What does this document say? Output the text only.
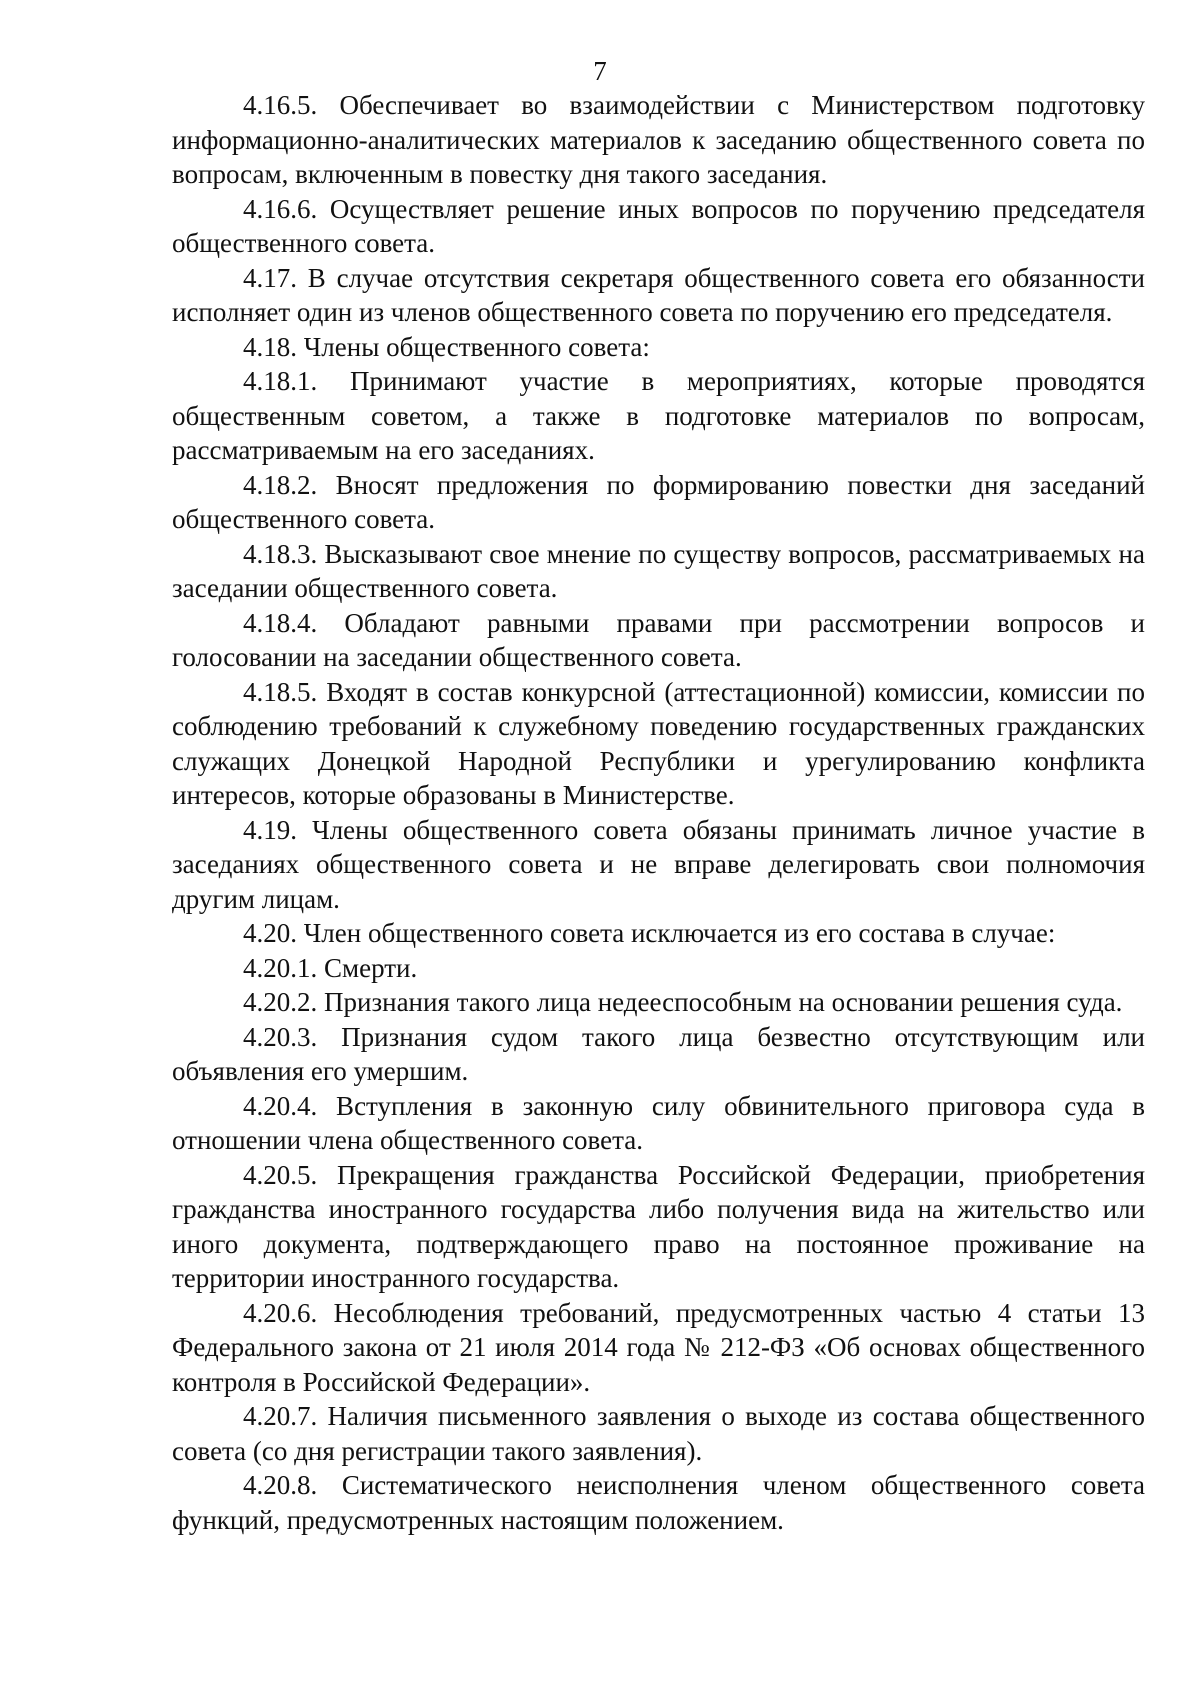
7

4.16.5. Обеспечивает во взаимодействии с Министерством подготовку информационно-аналитических материалов к заседанию общественного совета по вопросам, включенным в повестку дня такого заседания.

4.16.6. Осуществляет решение иных вопросов по поручению председателя общественного совета.

4.17. В случае отсутствия секретаря общественного совета его обязанности исполняет один из членов общественного совета по поручению его председателя.

4.18. Члены общественного совета:

4.18.1. Принимают участие в мероприятиях, которые проводятся общественным советом, а также в подготовке материалов по вопросам, рассматриваемым на его заседаниях.

4.18.2. Вносят предложения по формированию повестки дня заседаний общественного совета.

4.18.3. Высказывают свое мнение по существу вопросов, рассматриваемых на заседании общественного совета.

4.18.4. Обладают равными правами при рассмотрении вопросов и голосовании на заседании общественного совета.

4.18.5. Входят в состав конкурсной (аттестационной) комиссии, комиссии по соблюдению требований к служебному поведению государственных гражданских служащих Донецкой Народной Республики и урегулированию конфликта интересов, которые образованы в Министерстве.

4.19. Члены общественного совета обязаны принимать личное участие в заседаниях общественного совета и не вправе делегировать свои полномочия другим лицам.

4.20. Член общественного совета исключается из его состава в случае:

4.20.1. Смерти.

4.20.2. Признания такого лица недееспособным на основании решения суда.

4.20.3. Признания судом такого лица безвестно отсутствующим или объявления его умершим.

4.20.4. Вступления в законную силу обвинительного приговора суда в отношении члена общественного совета.

4.20.5. Прекращения гражданства Российской Федерации, приобретения гражданства иностранного государства либо получения вида на жительство или иного документа, подтверждающего право на постоянное проживание на территории иностранного государства.

4.20.6. Несоблюдения требований, предусмотренных частью 4 статьи 13 Федерального закона от 21 июля 2014 года № 212-ФЗ «Об основах общественного контроля в Российской Федерации».

4.20.7. Наличия письменного заявления о выходе из состава общественного совета (со дня регистрации такого заявления).

4.20.8. Систематического неисполнения членом общественного совета функций, предусмотренных настоящим положением.
